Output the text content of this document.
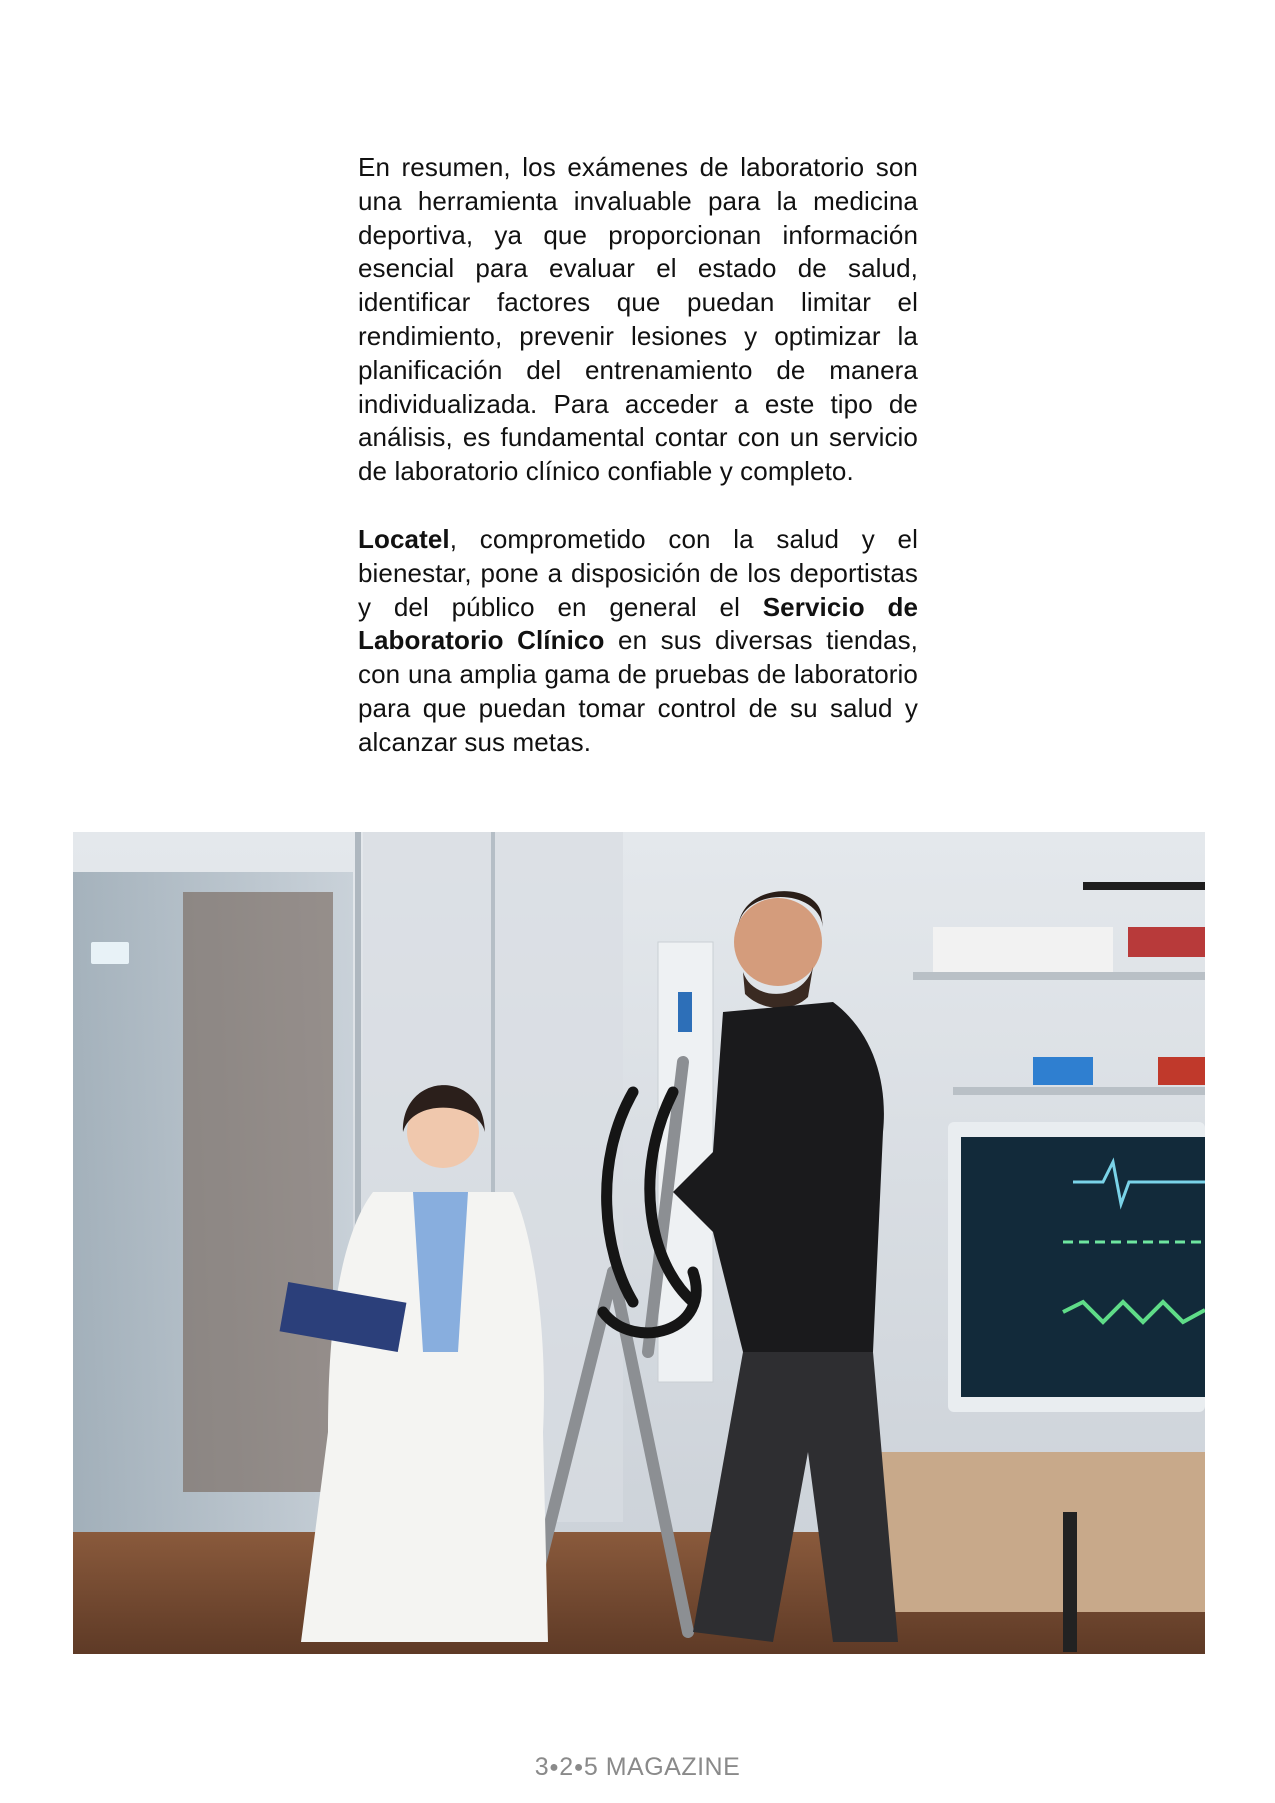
En resumen, los exámenes de laboratorio son una herramienta invaluable para la medicina deportiva, ya que proporcionan información esencial para evaluar el estado de salud, identificar factores que puedan limitar el rendimiento, prevenir lesiones y optimizar la planificación del entrenamiento de manera individualizada. Para acceder a este tipo de análisis, es fundamental contar con un servicio de laboratorio clínico confiable y completo.

Locatel, comprometido con la salud y el bienestar, pone a disposición de los deportistas y del público en general el Servicio de Laboratorio Clínico en sus diversas tiendas, con una amplia gama de pruebas de laboratorio para que puedan tomar control de su salud y alcanzar sus metas.

3●2●5 MAGAZINE
